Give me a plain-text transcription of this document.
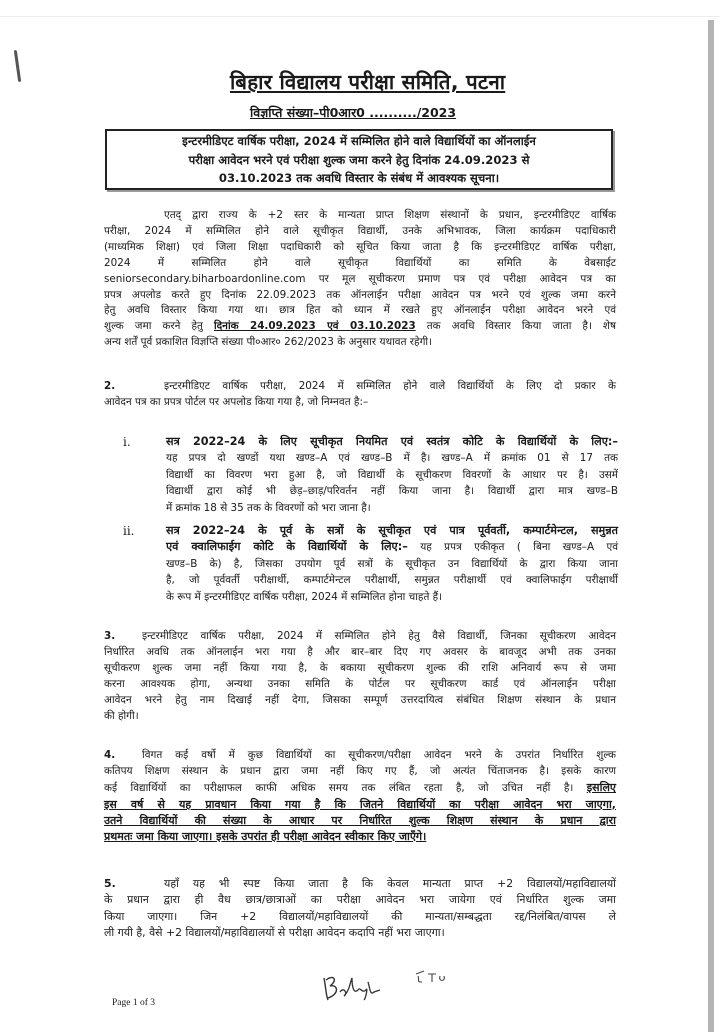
बिहार विद्यालय परीक्षा समिति, पटना
विज्ञप्ति संख्या–पी0आर0 ........../2023
इन्टरमीडिएट वार्षिक परीक्षा, 2024 में सम्मिलित होने वाले विद्यार्थियों का ऑनलाईन
परीक्षा आवेदन भरने एवं परीक्षा शुल्क जमा करने हेतु दिनांक 24.09.2023 से
03.10.2023 तक अवधि विस्तार के संबंध में आवश्यक सूचना।
एतद् द्वारा राज्य के +2 स्तर के मान्यता प्राप्त शिक्षण संस्थानों के प्रधान, इन्टरमीडिएट वार्षिक
परीक्षा, 2024 में सम्मिलित होने वाले सूचीकृत विद्यार्थी, उनके अभिभावक, जिला कार्यक्रम पदाधिकारी
(माध्यमिक शिक्षा) एवं जिला शिक्षा पदाधिकारी को सूचित किया जाता है कि इन्टरमीडिएट वार्षिक परीक्षा,
2024 में सम्मिलित होने वाले सूचीकृत विद्यार्थियों का समिति के वेबसाईट
seniorsecondary.biharboardonline.com पर मूल सूचीकरण प्रमाण पत्र एवं परीक्षा आवेदन पत्र का
प्रपत्र अपलोड करते हुए दिनांक 22.09.2023 तक ऑनलाईन परीक्षा आवेदन पत्र भरने एवं शुल्क जमा करने
हेतु अवधि विस्तार किया गया था। छात्र हित को ध्यान में रखते हुए ऑनलाईन परीक्षा आवेदन भरने एवं
शुल्क जमा करने हेतु दिनांक 24.09.2023 एवं 03.10.2023 तक अवधि विस्तार किया जाता है। शेष
अन्य शर्तें पूर्व प्रकाशित विज्ञप्ति संख्या पी०आर० 262/2023 के अनुसार यथावत रहेगी।
2.	इन्टरमीडिएट वार्षिक परीक्षा, 2024 में सम्मिलित होने वाले विद्यार्थियों के लिए दो प्रकार के
आवेदन पत्र का प्रपत्र पोर्टल पर अपलोड किया गया है, जो निम्नवत है:–
i.	सत्र 2022–24 के लिए सूचीकृत नियमित एवं स्वतंत्र कोटि के विद्यार्थियों के लिए:–
यह प्रपत्र दो खण्डों यथा खण्ड–A एवं खण्ड–B में है। खण्ड–A में क्रमांक 01 से 17 तक
विद्यार्थी का विवरण भरा हुआ है, जो विद्यार्थी के सूचीकरण विवरणों के आधार पर है। उसमें
विद्यार्थी द्वारा कोई भी छेड़–छाड़/परिवर्तन नहीं किया जाना है। विद्यार्थी द्वारा मात्र खण्ड–B
में क्रमांक 18 से 35 तक के विवरणों को भरा जाना है।
ii.	सत्र 2022–24 के पूर्व के सत्रों के सूचीकृत एवं पात्र पूर्ववर्ती, कम्पार्टमेन्टल, समुन्नत
एवं क्वालिफाईग कोटि के विद्यार्थियों के लिए:– यह प्रपत्र एकीकृत ( बिना खण्ड–A एवं
खण्ड–B के) है, जिसका उपयोग पूर्व सत्रों के सूचीकृत उन विद्यार्थियों के द्वारा किया जाना
है, जो पूर्ववर्ती परीक्षार्थी, कम्पार्टमेन्टल परीक्षार्थी, समुन्नत परीक्षार्थी एवं क्वालिफाईग परीक्षार्थी
के रूप में इन्टरमीडिएट वार्षिक परीक्षा, 2024 में सम्मिलित होना चाहते हैं।
3.	इन्टरमीडिएट वार्षिक परीक्षा, 2024 में सम्मिलित होने हेतु वैसे विद्यार्थी, जिनका सूचीकरण आवेदन
निर्धारित अवधि तक ऑनलाईन भरा गया है और बार–बार दिए गए अवसर के बावजूद अभी तक उनका
सूचीकरण शुल्क जमा नहीं किया गया है, के बकाया सूचीकरण शुल्क की राशि अनिवार्य रूप से जमा
करना आवश्यक होगा, अन्यथा उनका समिति के पोर्टल पर सूचीकरण कार्ड एवं ऑनलाईन परीक्षा
आवेदन भरने हेतु नाम दिखाई नहीं देगा, जिसका सम्पूर्ण उत्तरदायित्व संबंधित शिक्षण संस्थान के प्रधान
की होगी।
4.	विगत कई वर्षो में कुछ विद्यार्थियों का सूचीकरण/परीक्षा आवेदन भरने के उपरांत निर्धारित शुल्क
कतिपय शिक्षण संस्थान के प्रधान द्वारा जमा नहीं किए गए हैं, जो अत्यंत चिंताजनक है। इसके कारण
कई विद्यार्थियों का परीक्षाफल काफी अधिक समय तक लंबित रहता है, जो उचित नहीं है। इसलिए
इस वर्ष से यह प्रावधान किया गया है कि जितने विद्यार्थियों का परीक्षा आवेदन भरा जाएगा,
उतने विद्यार्थियों की संख्या के आधार पर निर्धारित शुल्क शिक्षण संस्थान के प्रधान द्वारा
प्रथमतः जमा किया जाएगा। इसके उपरांत ही परीक्षा आवेदन स्वीकार किए जाएँगे।
5.	यहाँ यह भी स्पष्ट किया जाता है कि केवल मान्यता प्राप्त +2 विद्यालयों/महाविद्यालयों
के प्रधान द्वारा ही वैध छात्र/छात्राओं का परीक्षा आवेदन भरा जायेगा एवं निर्धारित शुल्क जमा
किया जाएगा। जिन +2 विद्यालयों/महाविद्यालयों की मान्यता/सम्बद्धता रद्द/निलंबित/वापस ले
ली गयी है, वैसे +2 विद्यालयों/महाविद्यालयों से परीक्षा आवेदन कदापि नहीं भरा जाएगा।
Page 1 of 3
